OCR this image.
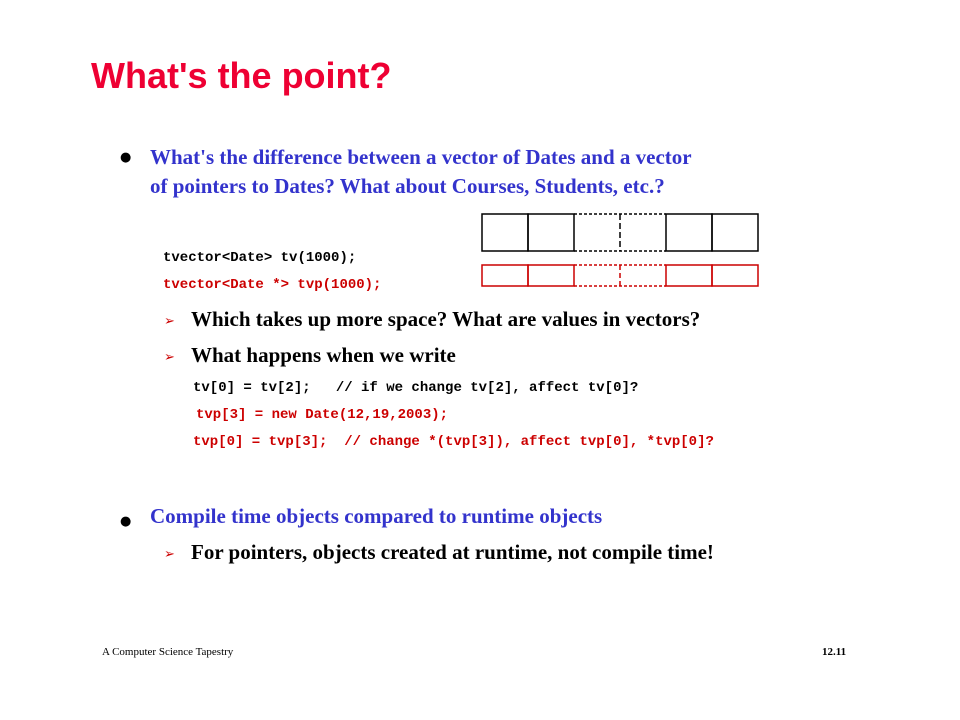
What's the point?
● What's the difference between a vector of Dates and a vector
of pointers to Dates? What about Courses, Students, etc.?
tvector<Date> tv(1000);
tvector<Date *> tvp(1000);
➢ Which takes up more space? What are values in vectors?
➢ What happens when we write
tv[0] = tv[2];   // if we change tv[2], affect tv[0]?
tvp[3] = new Date(12,19,2003);
tvp[0] = tvp[3];  // change *(tvp[3]), affect tvp[0], *tvp[0]?
● Compile time objects compared to runtime objects
➢ For pointers, objects created at runtime, not compile time!
A Computer Science Tapestry	12.11
